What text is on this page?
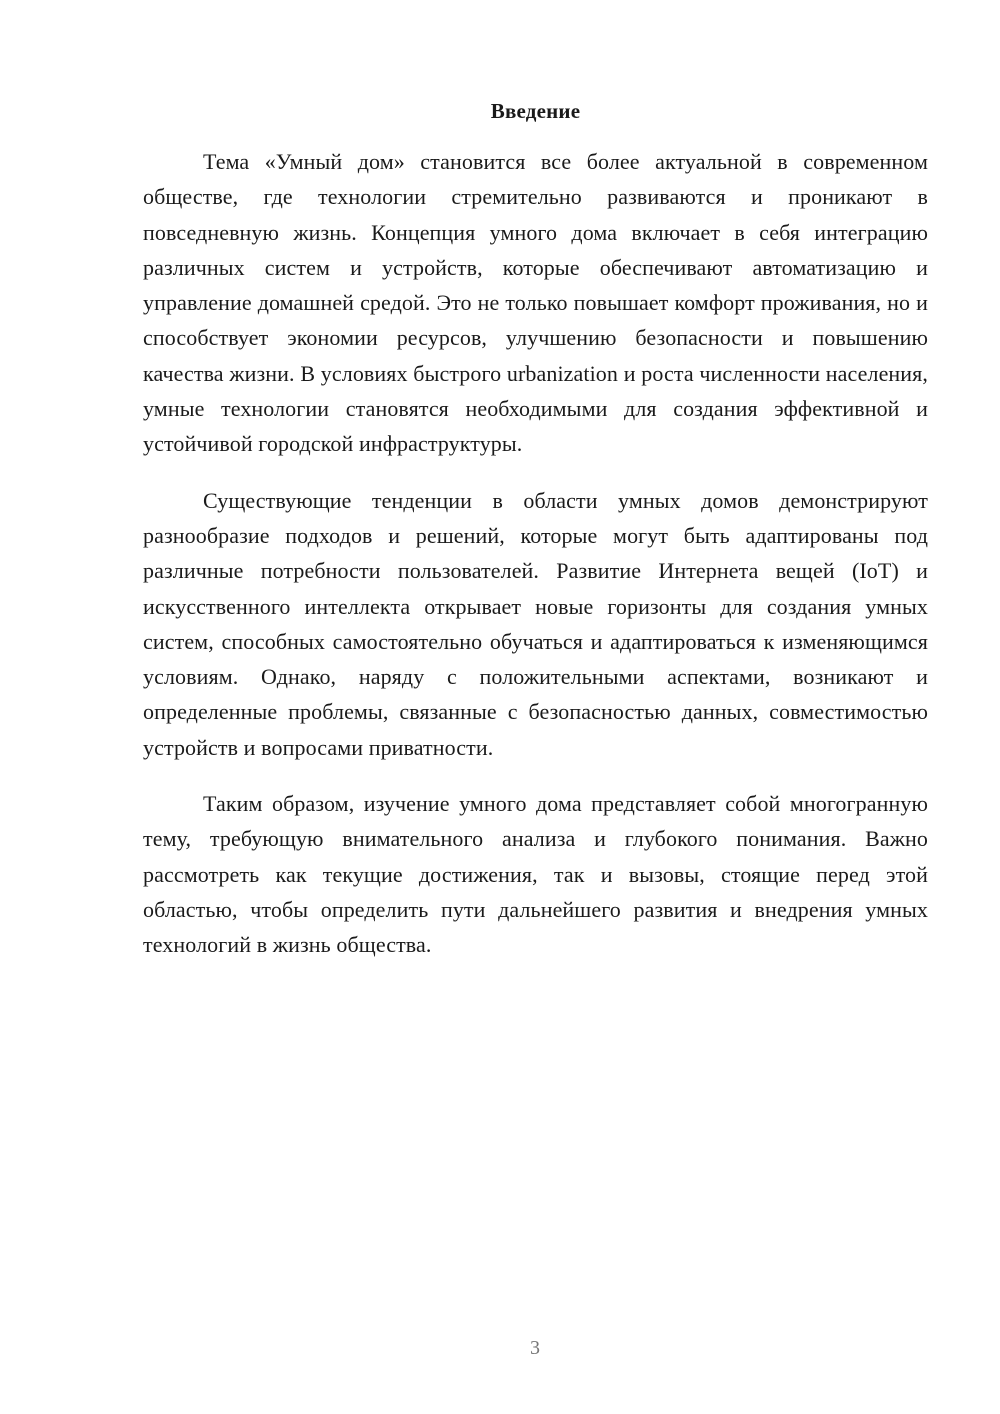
Введение

Тема «Умный дом» становится все более актуальной в современном обществе, где технологии стремительно развиваются и проникают в повседневную жизнь. Концепция умного дома включает в себя интеграцию различных систем и устройств, которые обеспечивают автоматизацию и управление домашней средой. Это не только повышает комфорт проживания, но и способствует экономии ресурсов, улучшению безопасности и повышению качества жизни. В условиях быстрого urbanization и роста численности населения, умные технологии становятся необходимыми для создания эффективной и устойчивой городской инфраструктуры.

Существующие тенденции в области умных домов демонстрируют разнообразие подходов и решений, которые могут быть адаптированы под различные потребности пользователей. Развитие Интернета вещей (IoT) и искусственного интеллекта открывает новые горизонты для создания умных систем, способных самостоятельно обучаться и адаптироваться к изменяющимся условиям. Однако, наряду с положительными аспектами, возникают и определенные проблемы, связанные с безопасностью данных, совместимостью устройств и вопросами приватности.

Таким образом, изучение умного дома представляет собой многогранную тему, требующую внимательного анализа и глубокого понимания. Важно рассмотреть как текущие достижения, так и вызовы, стоящие перед этой областью, чтобы определить пути дальнейшего развития и внедрения умных технологий в жизнь общества.

3
